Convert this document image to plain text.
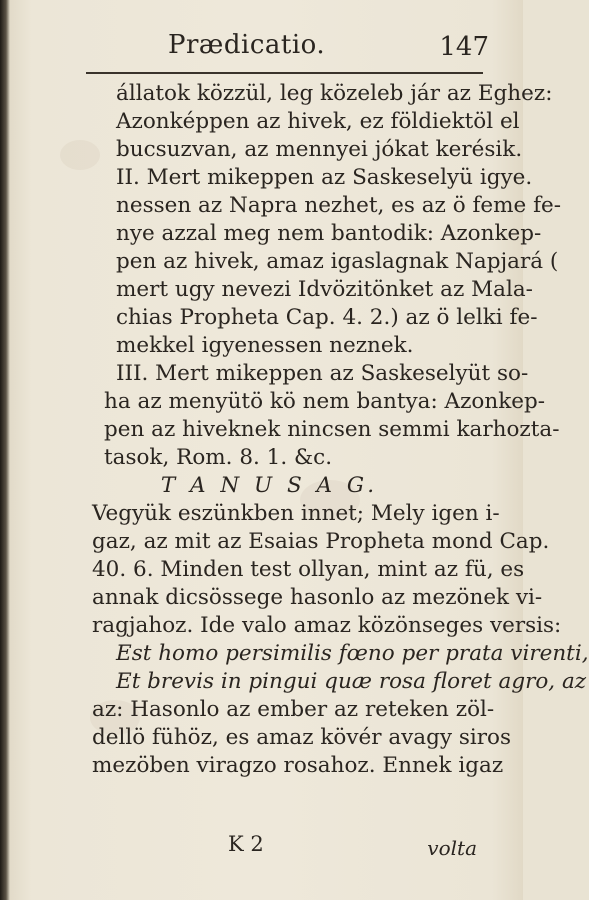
Prædicatio.	147
állatok közzül, leg közeleb jár az Eghez:
Azonképpen az hivek, ez földiektöl el
bucsuzvan, az mennyei jókat kerésik.
II. Mert mikeppen az Saskeselyü igye.
nessen az Napra nezhet, es az ö feme fe-
nye azzal meg nem bantodik: Azonkep-
pen az hivek, amaz igaslagnak Napjará (
mert ugy nevezi Idvözitönket az Mala-
chias Propheta Cap. 4. 2.) az ö lelki fe-
mekkel igyenessen neznek.
III. Mert mikeppen az Saskeselyüt so-
ha az menyütö kö nem bantya: Azonkep-
pen az hiveknek nincsen semmi karhozta-
tasok, Rom. 8. 1. &c.
T A N U S A G.
Vegyük eszünkben innet; Mely igen i-
gaz, az mit az Esaias Propheta mond Cap.
40. 6. Minden test ollyan, mint az fü, es
annak dicsössege hasonlo az mezönek vi-
ragjahoz. Ide valo amaz közönseges versis:
Est homo persimilis fœno per prata virenti,
Et brevis in pingui quæ rosa floret agro, az
az: Hasonlo az ember az reteken zöl-
dellö fühöz, es amaz kövér avagy siros
mezöben viragzo rosahoz. Ennek igaz
K 2	volta
